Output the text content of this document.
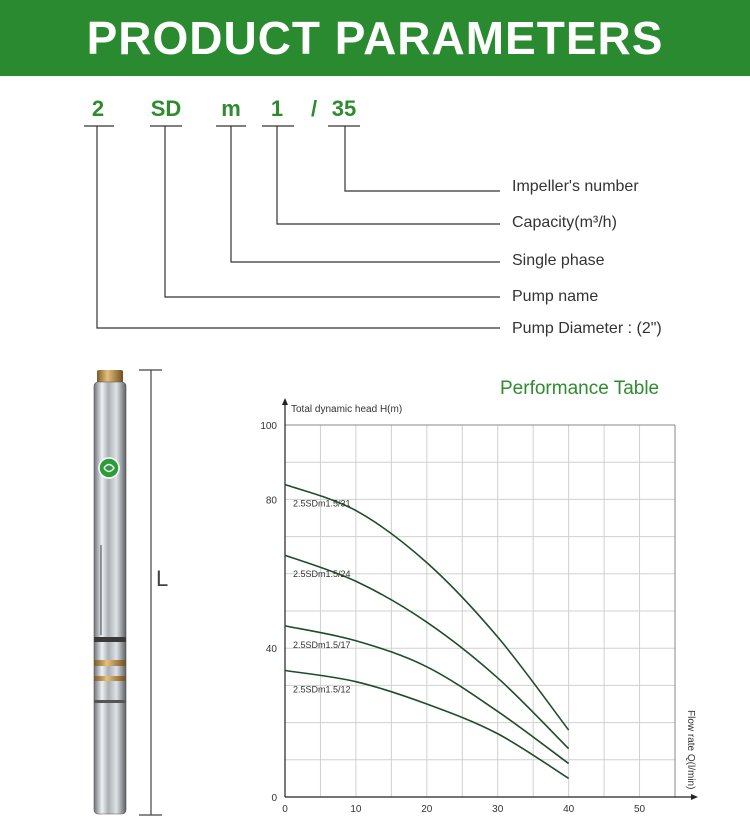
PRODUCT PARAMETERS
2	SD	m	1	/ 35
Impeller's number
Capacity(m³/h)
Single phase
Pump name
Pump Diameter : (2")
0	10	20	30	40	50
0
40
80
100
Total dynamic head H(m)
Flow rate Q(l/min)
2.5SDm1.5/31
2.5SDm1.5/24
2.5SDm1.5/17
2.5SDm1.5/12
L
Performance Table
